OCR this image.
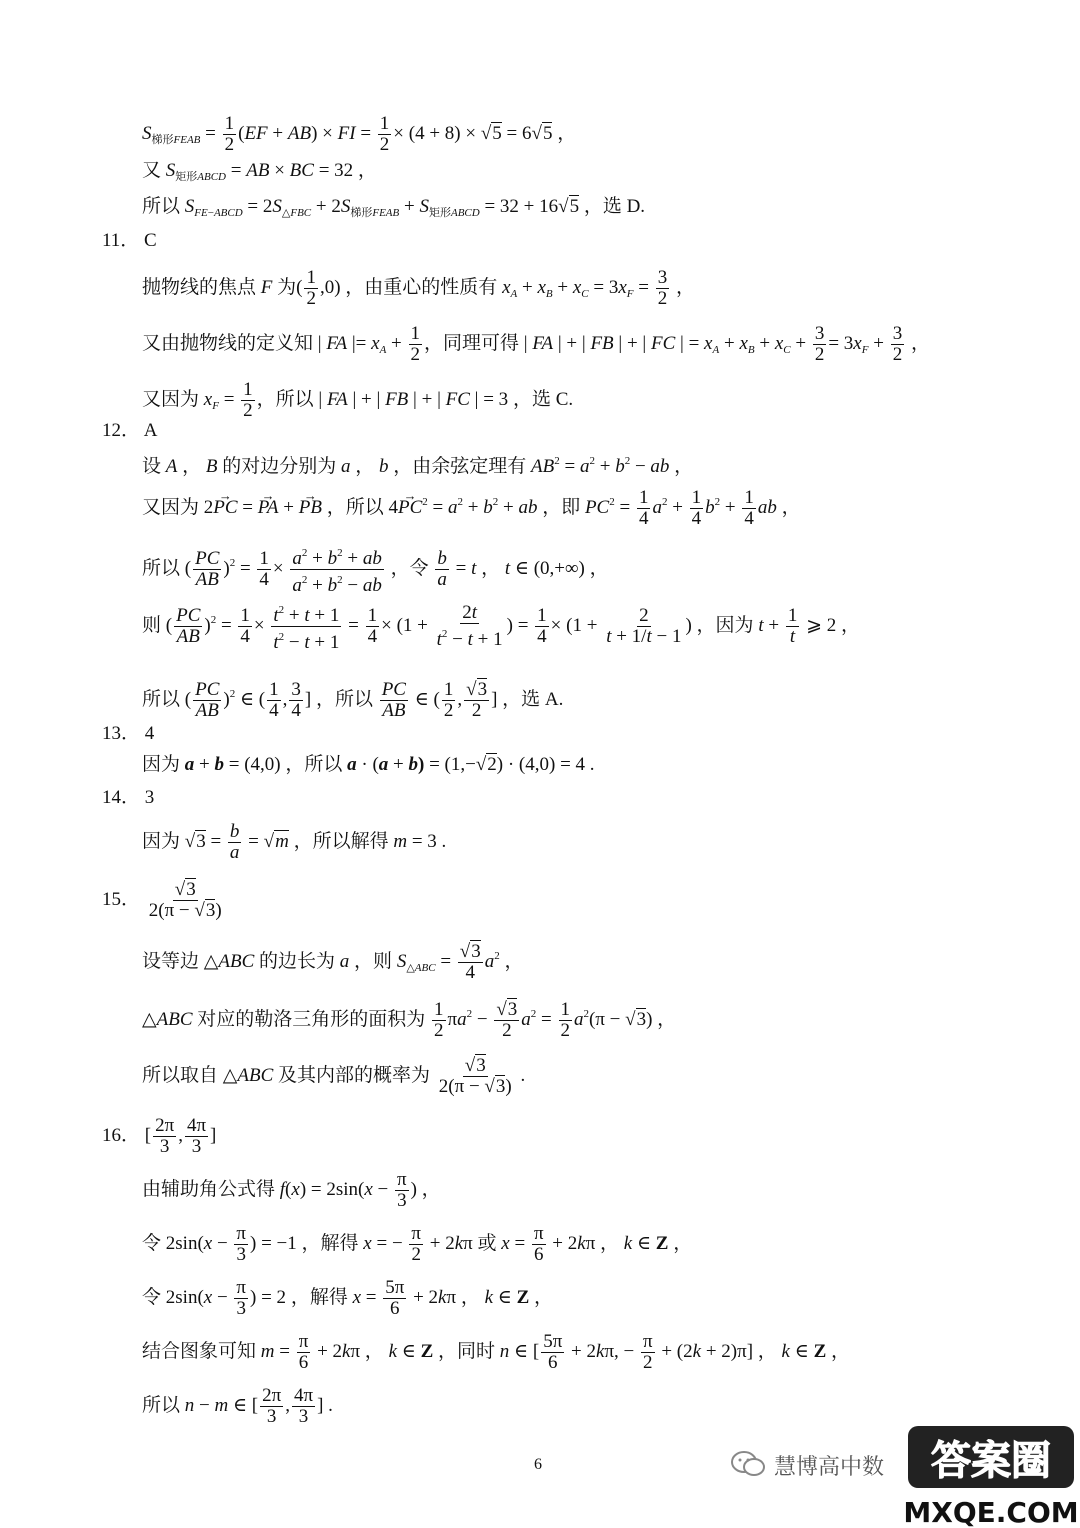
$S_{梯形FEAB} = \frac{1}{2} (EF + AB)$ × FI = $\frac{1}{2} \times (4 + 8) \times √5 = 6√5$ ，
又 $S_{矩形ABCD}$ = AB × BC = 32 ，
所以 $S_{FE-ABCD} = 2S_{\triangle FBC} + 2S_{梯形FEAB} + S_{矩形ABCD} = 32 + 16√5$ ，选 D.
11． C
抛物线的焦点 F 为( $\frac{1}{2} ,0$) ，由重心的性质有 $x_A + x_B + x_C = 3x_F = \frac{3}{2}$ ，
又由抛物线的定义知 | FA |= $x_A + \frac{1}{2}$ ，同理可得 | FA | + | FB | + | FC | = $x_A + x_B + x_C + \frac{3}{2} = 3x_F + \frac{3}{2}$ ，
又因为 $x_F = \frac{1}{2}$ ，所以 | FA | + | FB | + | FC | = 3 ，选 C.
12． A
设 A ， B 的对边分别为 a ， b ，由余弦定理有 $AB^2 = a^2 + b^2$ − ab ，
又因为 2→ PC = → PA + → PB ，所以 $4\to PC^2 = a^2 + b^2$ + ab ，即 $PC^2 = \frac{1}{4} a^2 + \frac{1}{4} b^2 + \frac{1}{4}$ ab ，
所以 ( $\frac{PC}{AB} )^2 = \frac{1}{4} \times \frac{a^2 + b^2 + ab}{a^2 + b^2 - ab}$ ，令 $\frac{b}{a} = t$ ， t ∈ (0,+∞) ，
则 ( $\frac{PC}{AB} )^2 = \frac{1}{4} \times \frac{t^2 + t + 1}{t^2 - t + 1} = \frac{1}{4} \times (1 + \frac{2t}{t^2 - t + 1}$ ) = $\frac{1}{4} \times (1 + \frac{2}{t + 1/t - 1}$ ) ，因为 $t + \frac{1}{t}$ ⩾ 2 ，
所以 ( $\frac{PC}{AB} )^2$ ∈ ( $\frac{1}{4}$ , $\frac{3}{4}$ ] ，所以 $\frac{PC}{AB}$ ∈ ( $\frac{1}{2}$ , $\frac{√3}{2}$ ] ，选 A.
13． 4
因为 a + b = (4,0) ，所以 a · (a + b) = (1,−√2) · (4,0) = 4 .
14． 3
因为 $√3 = \frac{b}{a} = √m$ ，所以解得 m = 3 .
15． $\frac{√3}{2(\pi - √3)}$
设等边 △ABC 的边长为 a ，则 $S_{\triangle ABC} = \frac{√3}{4} a^2$ ，
△ABC 对应的勒洛三角形的面积为 $\frac{1}{2} \pi a^2 - \frac{√3}{2} a^2 = \frac{1}{2} a^2(\pi - √3)$ ，
所以取自 △ABC 及其内部的概率为 $\frac{√3}{2(\pi - √3)}$ .
16． [ $\frac{2\pi}{3}$ , $\frac{4\pi}{3}$ ]
由辅助角公式得 $f(x) = 2\sin(x - \frac{\pi}{3}$ ) ，
令 $2\sin(x - \frac{\pi}{3}$ ) = −1 ，解得 x = − $\frac{\pi}{2} + 2k\pi$ 或 $x = \frac{\pi}{6} + 2k\pi$ ， k ∈ Z ，
令 $2\sin(x - \frac{\pi}{3}$ ) = 2 ，解得 $x = \frac{5\pi}{6} + 2k\pi$ ， k ∈ Z ，
结合图象可知 $m = \frac{\pi}{6} + 2k\pi$ ， k ∈ Z ，同时 n ∈ [ $\frac{5\pi}{6} + 2k\pi$, − $\frac{\pi}{2} + (2k + 2)\pi$] ， k ∈ Z ，
所以 n − m ∈ [ $\frac{2\pi}{3}$ , $\frac{4\pi}{3}$ ] .
6	慧博高中数 答案圈
MXQE.COM
